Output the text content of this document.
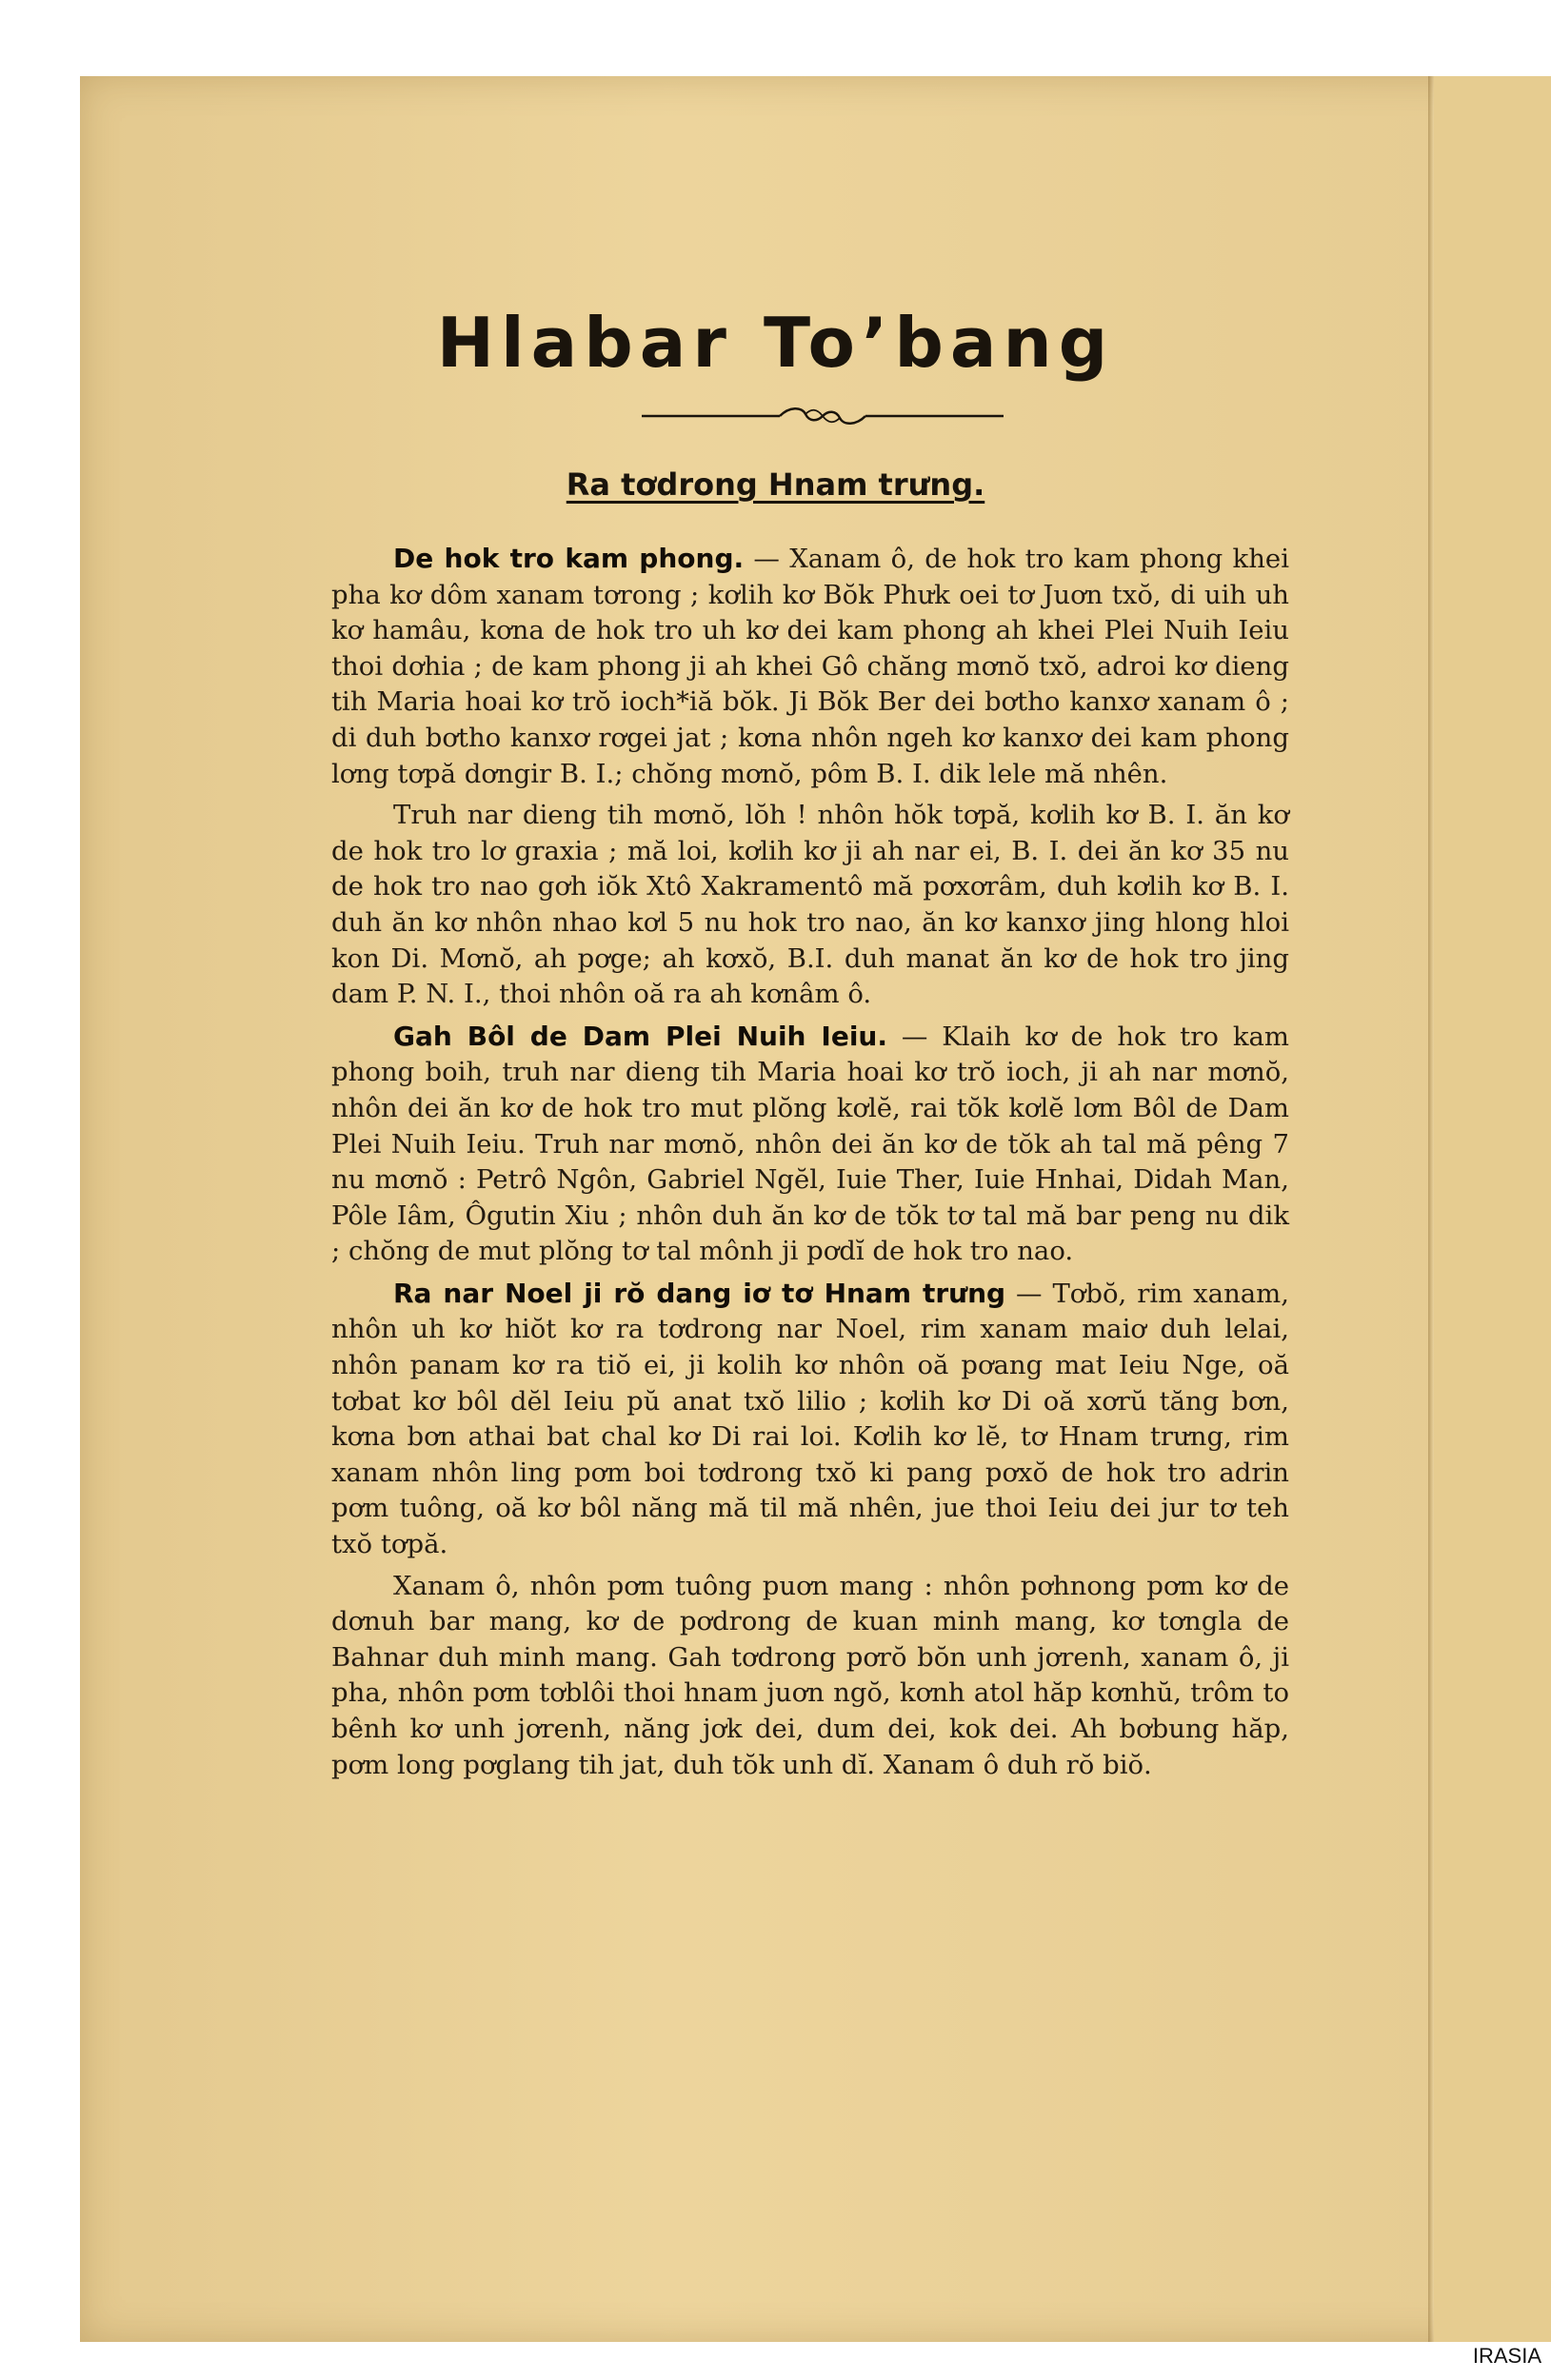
Hlabar To’bang
Ra tơdrong Hnam trưng.

De hok tro kam phong. — Xanam ô, de hok tro kam phong khei pha kơ dôm xanam tơrong ; kơlih kơ Bŏk Phưk oei tơ Juơn txŏ, di uih uh kơ hamâu, kơna de hok tro uh kơ dei kam phong ah khei Plei Nuih Ieiu thoi dơhia ; de kam phong ji ah khei Gô chăng mơnŏ txŏ, adroi kơ dieng tih Maria hoai kơ trŏ ioch*iă bŏk. Ji Bŏk Ber dei bơtho kanxơ xanam ô ; di duh bơtho kanxơ rơgei jat ; kơna nhôn ngeh kơ kanxơ dei kam phong lơng tơpă dơngir B. I.; chŏng mơnŏ, pôm B. I. dik lele mă nhên.

Truh nar dieng tih mơnŏ, lŏh ! nhôn hŏk tơpă, kơlih kơ B. I. ăn kơ de hok tro lơ graxia ; mă loi, kơlih kơ ji ah nar ei, B. I. dei ăn kơ 35 nu de hok tro nao gơh iŏk Xtô Xakramentô mă pơxơrâm, duh kơlih kơ B. I. duh ăn kơ nhôn nhao kơl 5 nu hok tro nao, ăn kơ kanxơ jing hlong hloi kon Di. Mơnŏ, ah pơge; ah kơxŏ, B.I. duh manat ăn kơ de hok tro jing dam P. N. I., thoi nhôn oă ra ah kơnâm ô.

Gah Bôl de Dam Plei Nuih Ieiu. — Klaih kơ de hok tro kam phong boih, truh nar dieng tih Maria hoai kơ trŏ ioch, ji ah nar mơnŏ, nhôn dei ăn kơ de hok tro mut plŏng kơlĕ, rai tŏk kơlĕ lơm Bôl de Dam Plei Nuih Ieiu. Truh nar mơnŏ, nhôn dei ăn kơ de tŏk ah tal mă pêng 7 nu mơnŏ : Petrô Ngôn, Gabriel Ngĕl, Iuie Ther, Iuie Hnhai, Didah Man, Pôle Iâm, Ôgutin Xiu ; nhôn duh ăn kơ de tŏk tơ tal mă bar peng nu dik ; chŏng de mut plŏng tơ tal mônh ji pơdĭ de hok tro nao.

Ra nar Noel ji rŏ dang iơ tơ Hnam trưng — Tơbŏ, rim xanam, nhôn uh kơ hiŏt kơ ra tơdrong nar Noel, rim xanam maiơ duh lelai, nhôn panam kơ ra tiŏ ei, ji kolih kơ nhôn oă pơang mat Ieiu Nge, oă tơbat kơ bôl dĕl Ieiu pŭ anat txŏ lilio ; kơlih kơ Di oă xơrŭ tăng bơn, kơna bơn athai bat chal kơ Di rai loi. Kơlih kơ lĕ, tơ Hnam trưng, rim xanam nhôn ling pơm boi tơdrong txŏ ki pang pơxŏ de hok tro adrin pơm tuông, oă kơ bôl năng mă til mă nhên, jue thoi Ieiu dei jur tơ teh txŏ tơpă.

Xanam ô, nhôn pơm tuông puơn mang : nhôn pơhnong pơm kơ de dơnuh bar mang, kơ de pơdrong de kuan minh mang, kơ tơngla de Bahnar duh minh mang. Gah tơdrong pơrŏ bŏn unh jơrenh, xanam ô, ji pha, nhôn pơm tơblôi thoi hnam juơn ngŏ, kơnh atol hăp kơnhŭ, trôm to bênh kơ unh jơrenh, năng jơk dei, dum dei, kok dei. Ah bơbung hăp, pơm long pơglang tih jat, duh tŏk unh dĭ. Xanam ô duh rŏ biŏ.

IRASIA
